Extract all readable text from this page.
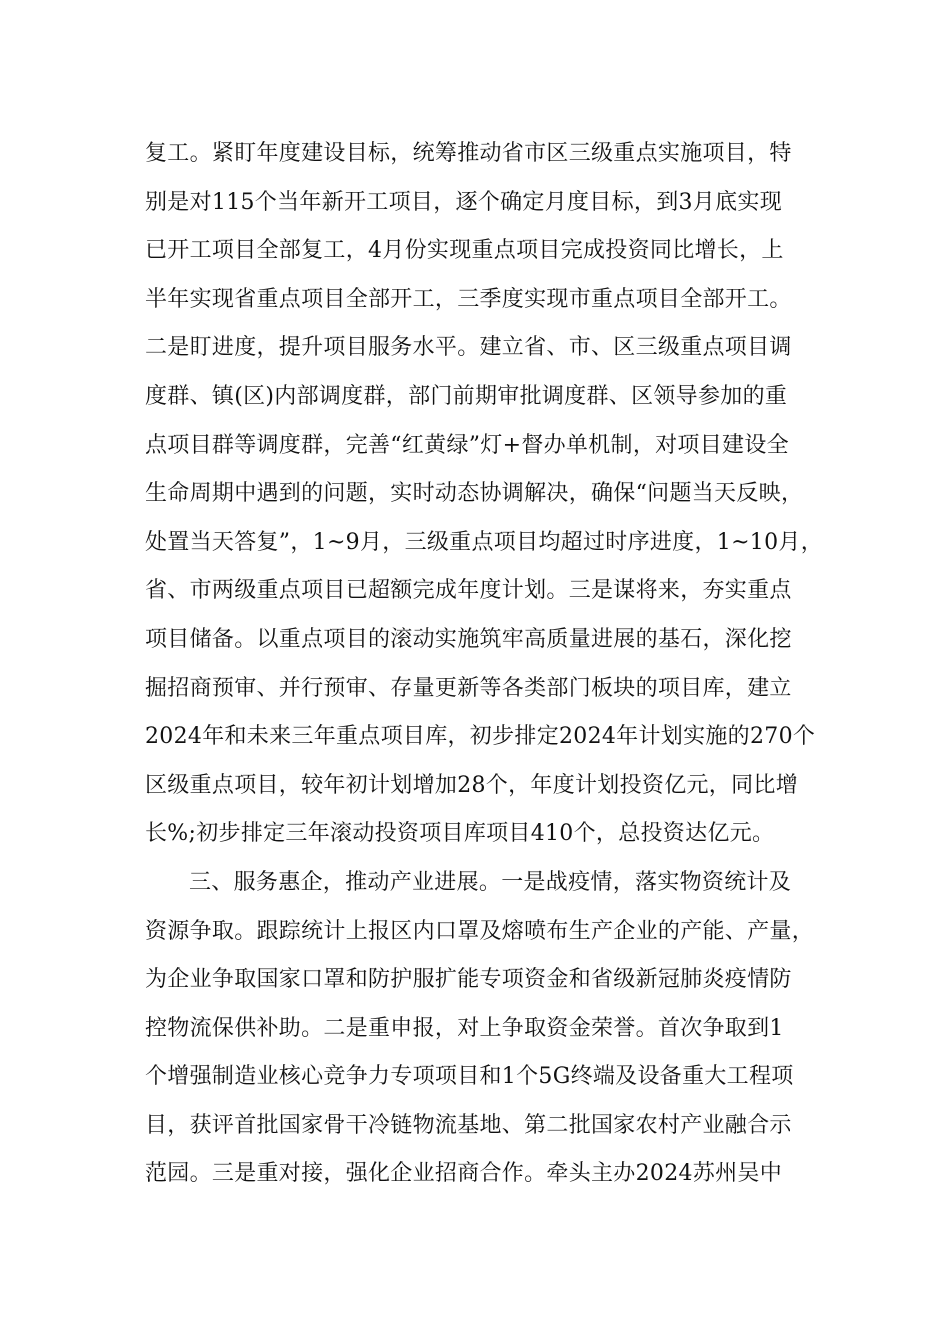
复工。紧盯年度建设目标，统筹推动省市区三级重点实施项目，特
别是对115个当年新开工项目，逐个确定月度目标，到3月底实现
已开工项目全部复工，4月份实现重点项目完成投资同比增长，上
半年实现省重点项目全部开工，三季度实现市重点项目全部开工。
二是盯进度，提升项目服务水平。建立省、市、区三级重点项目调
度群、镇(区)内部调度群，部门前期审批调度群、区领导参加的重
点项目群等调度群，完善“红黄绿”灯+督办单机制，对项目建设全
生命周期中遇到的问题，实时动态协调解决，确保“问题当天反映，
处置当天答复”，1~9月，三级重点项目均超过时序进度，1~10月，
省、市两级重点项目已超额完成年度计划。三是谋将来，夯实重点
项目储备。以重点项目的滚动实施筑牢高质量进展的基石，深化挖
掘招商预审、并行预审、存量更新等各类部门板块的项目库，建立
2024年和未来三年重点项目库，初步排定2024年计划实施的270个
区级重点项目，较年初计划增加28个，年度计划投资亿元，同比增
长%;初步排定三年滚动投资项目库项目410个，总投资达亿元。
三、服务惠企，推动产业进展。一是战疫情，落实物资统计及
资源争取。跟踪统计上报区内口罩及熔喷布生产企业的产能、产量，
为企业争取国家口罩和防护服扩能专项资金和省级新冠肺炎疫情防
控物流保供补助。二是重申报，对上争取资金荣誉。首次争取到1
个增强制造业核心竞争力专项项目和1个5G终端及设备重大工程项
目，获评首批国家骨干冷链物流基地、第二批国家农村产业融合示
范园。三是重对接，强化企业招商合作。牵头主办2024苏州吴中
